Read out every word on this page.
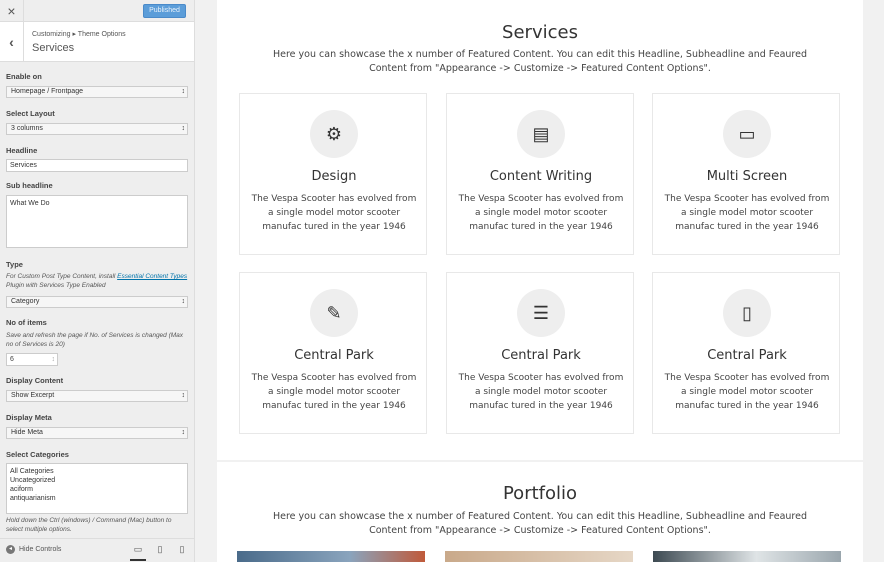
×	Published
‹	Customizing ▸ Theme Options
Services
Enable on
Homepage / Frontpage ↕
Select Layout
3 columns ↕
Headline
Services
Sub headline
What We Do
Type
For Custom Post Type Content, install Essential Content Types Plugin with Services Type Enabled
Category ↕
No of items
Save and refresh the page if No. of Services is changed (Max no of Services is 20)
6 ↕
Display Content
Show Excerpt ↕
Display Meta
Hide Meta ↕
Select Categories
All Categories
Uncategorized
aciform
antiquarianism
Hold down the Ctrl (windows) / Command (Mac) button to select multiple options.
◂ Hide Controls	▭	▯	▯
Services
Here you can showcase the x number of Featured Content. You can edit this Headline, Subheadline and Feaured Content from "Appearance -> Customize -> Featured Content Options".
⚙
Design
The Vespa Scooter has evolved from a single model motor scooter manufac tured in the year 1946
▤
Content Writing
The Vespa Scooter has evolved from a single model motor scooter manufac tured in the year 1946
▭
Multi Screen
The Vespa Scooter has evolved from a single model motor scooter manufac tured in the year 1946
✎
Central Park
The Vespa Scooter has evolved from a single model motor scooter manufac tured in the year 1946
☰
Central Park
The Vespa Scooter has evolved from a single model motor scooter manufac tured in the year 1946
▯
Central Park
The Vespa Scooter has evolved from a single model motor scooter manufac tured in the year 1946
Portfolio
Here you can showcase the x number of Featured Content. You can edit this Headline, Subheadline and Feaured Content from "Appearance -> Customize -> Featured Content Options".
